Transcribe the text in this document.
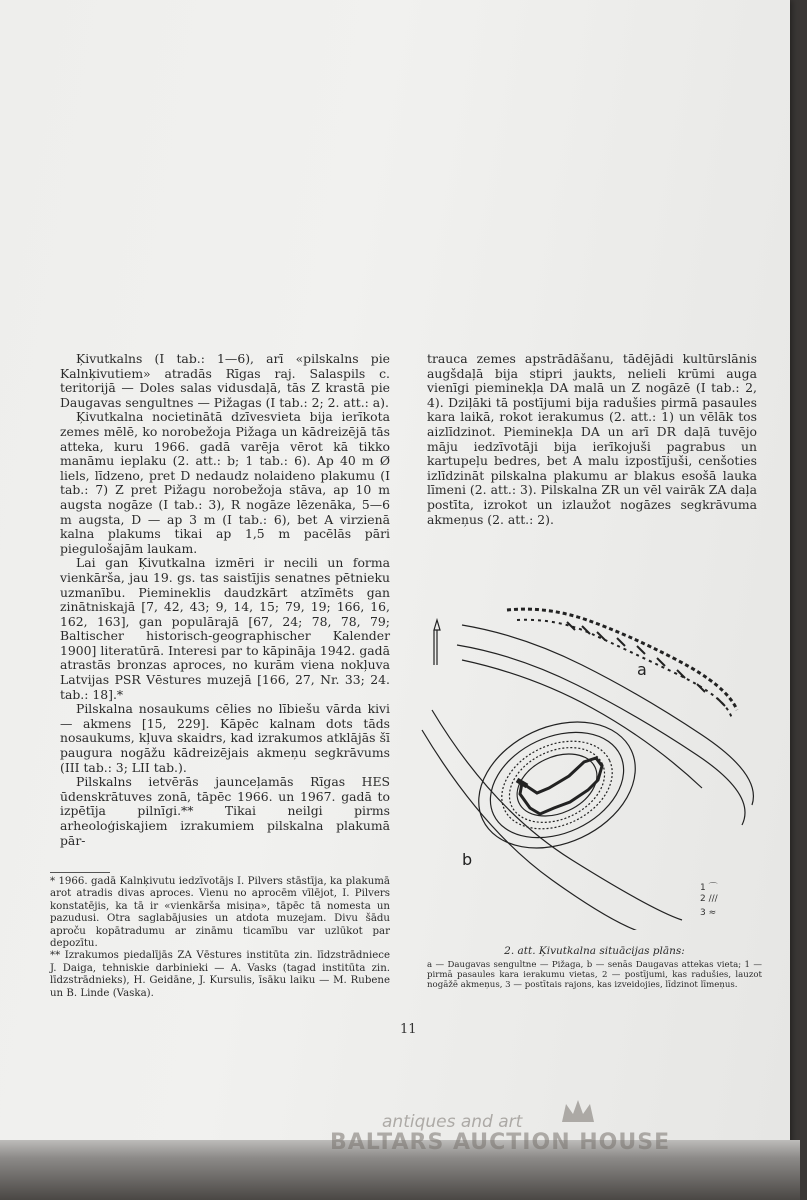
Ķivutkalns (I tab.: 1—6), arī «pilskalns pie Kalnķivutiem» atradās Rīgas raj. Salaspils c. teritorijā — Doles salas vidusdaļā, tās Z krastā pie Daugavas sengultnes — Pižagas (I tab.: 2; 2. att.: a).

Ķivutkalna nocietinātā dzīvesvieta bija ierīkota zemes mēlē, ko norobežoja Pižaga un kādreizējā tās atteka, kuru 1966. gadā varēja vērot kā tikko manāmu ieplaku (2. att.: b; 1 tab.: 6). Ap 40 m Ø liels, līdzeno, pret D nedaudz nolaideno plakumu (I tab.: 7) Z pret Pižagu norobežoja stāva, ap 10 m augsta nogāze (I tab.: 3), R nogāze lēzenāka, 5—6 m augsta, D — ap 3 m (I tab.: 6), bet A virzienā kalna plakums tikai ap 1,5 m pacēlās pāri piegulošajām laukam.

Lai gan Ķivutkalna izmēri ir necili un forma vienkārša, jau 19. gs. tas saistījis senatnes pētnieku uzmanību. Piemineklis daudzkārt atzīmēts gan zinātniskajā [7, 42, 43; 9, 14, 15; 79, 19; 166, 16, 162, 163], gan populārajā [67, 24; 78, 78, 79; Baltischer historisch-geographischer Kalender 1900] literatūrā. Interesi par to kāpināja 1942. gadā atrastās bronzas aproces, no kurām viena nokļuva Latvijas PSR Vēstures muzejā [166, 27, Nr. 33; 24. tab.: 18].*

Pilskalna nosaukums cēlies no lībiešu vārda kivi — akmens [15, 229]. Kāpēc kalnam dots tāds nosaukums, kļuva skaidrs, kad izrakumos atklājās šī paugura nogāžu kādreizējais akmeņu segkrāvums (III tab.: 3; LII tab.).

Pilskalns ietvērās jaunceļamās Rīgas HES ūdenskrātuves zonā, tāpēc 1966. un 1967. gadā to izpētīja pilnīgi.** Tikai neilgi pirms arheoloģiskajiem izrakumiem pilskalna plakumā pār-

trauca zemes apstrādāšanu, tādējādi kultūrslānis augšdaļā bija stipri jaukts, nelieli krūmi auga vienīgi pieminekļa DA malā un Z nogāzē (I tab.: 2, 4). Dziļāki tā postījumi bija radušies pirmā pasaules kara laikā, rokot ierakumus (2. att.: 1) un vēlāk tos aizlīdzinot. Pieminekļa DA un arī DR daļā tuvējo māju iedzīvotāji bija ierīkojuši pagrabus un kartupeļu bedres, bet A malu izpostījuši, cenšoties izlīdzināt pilskalna plakumu ar blakus esošā lauka līmeni (2. att.: 3). Pilskalna ZR un vēl vairāk ZA daļa postīta, izrokot un izlaužot nogāzes segkrāvuma akmeņus (2. att.: 2).

a
b
1 ⌒
2 ///
3 ≈
2. att. Ķivutkalna situācijas plāns:
a — Daugavas sengultne — Pižaga, b — senās Daugavas attekas vieta; 1 — pirmā pasaules kara ierakumu vietas, 2 — postījumi, kas radušies, lauzot nogāžē akmeņus, 3 — postītais rajons, kas izveidojies, līdzinot līmeņus.

* 1966. gadā Kalnķivutu iedzīvotājs I. Pilvers stāstīja, ka plakumā arot atradis divas aproces. Vienu no aprocēm vīlējot, I. Pilvers konstatējis, ka tā ir «vienkārša misiņa», tāpēc tā nomesta un pazudusi. Otra saglabājusies un atdota muzejam. Divu šādu aproču kopātradumu ar zināmu ticamību var uzlūkot par depozītu.

** Izrakumos piedalījās ZA Vēstures institūta zin. līdzstrādniece J. Daiga, tehniskie darbinieki — A. Vasks (tagad institūta zin. līdzstrādnieks), H. Geidāne, J. Kursulis, īsāku laiku — M. Rubene un B. Linde (Vaska).

11
antiques and art
BALTARS AUCTION HOUSE
